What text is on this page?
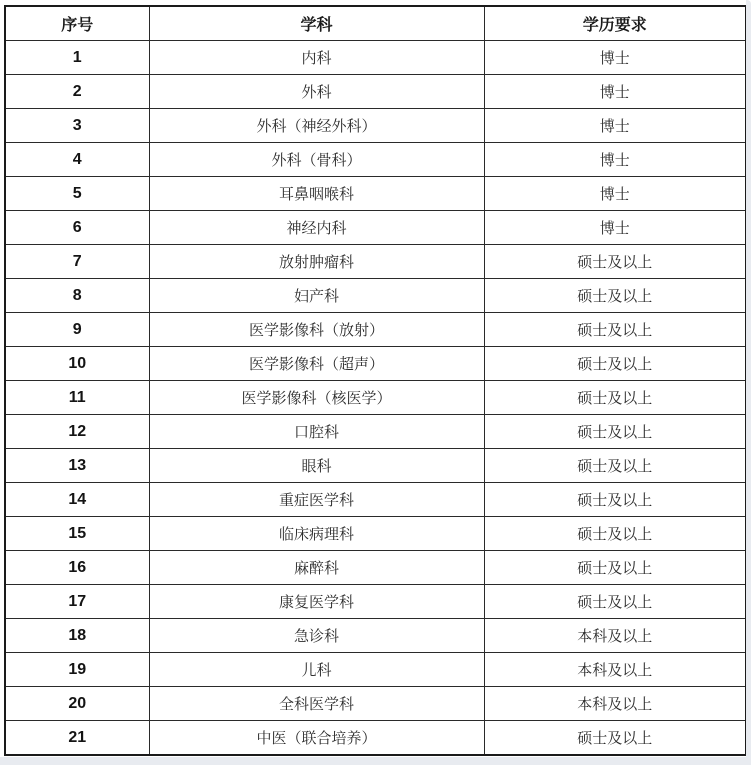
序号	学科	学历要求
1	内科	博士
2	外科	博士
3	外科（神经外科）	博士
4	外科（骨科）	博士
5	耳鼻咽喉科	博士
6	神经内科	博士
7	放射肿瘤科	硕士及以上
8	妇产科	硕士及以上
9	医学影像科（放射）	硕士及以上
10	医学影像科（超声）	硕士及以上
11	医学影像科（核医学）	硕士及以上
12	口腔科	硕士及以上
13	眼科	硕士及以上
14	重症医学科	硕士及以上
15	临床病理科	硕士及以上
16	麻醉科	硕士及以上
17	康复医学科	硕士及以上
18	急诊科	本科及以上
19	儿科	本科及以上
20	全科医学科	本科及以上
21	中医（联合培养）	硕士及以上
